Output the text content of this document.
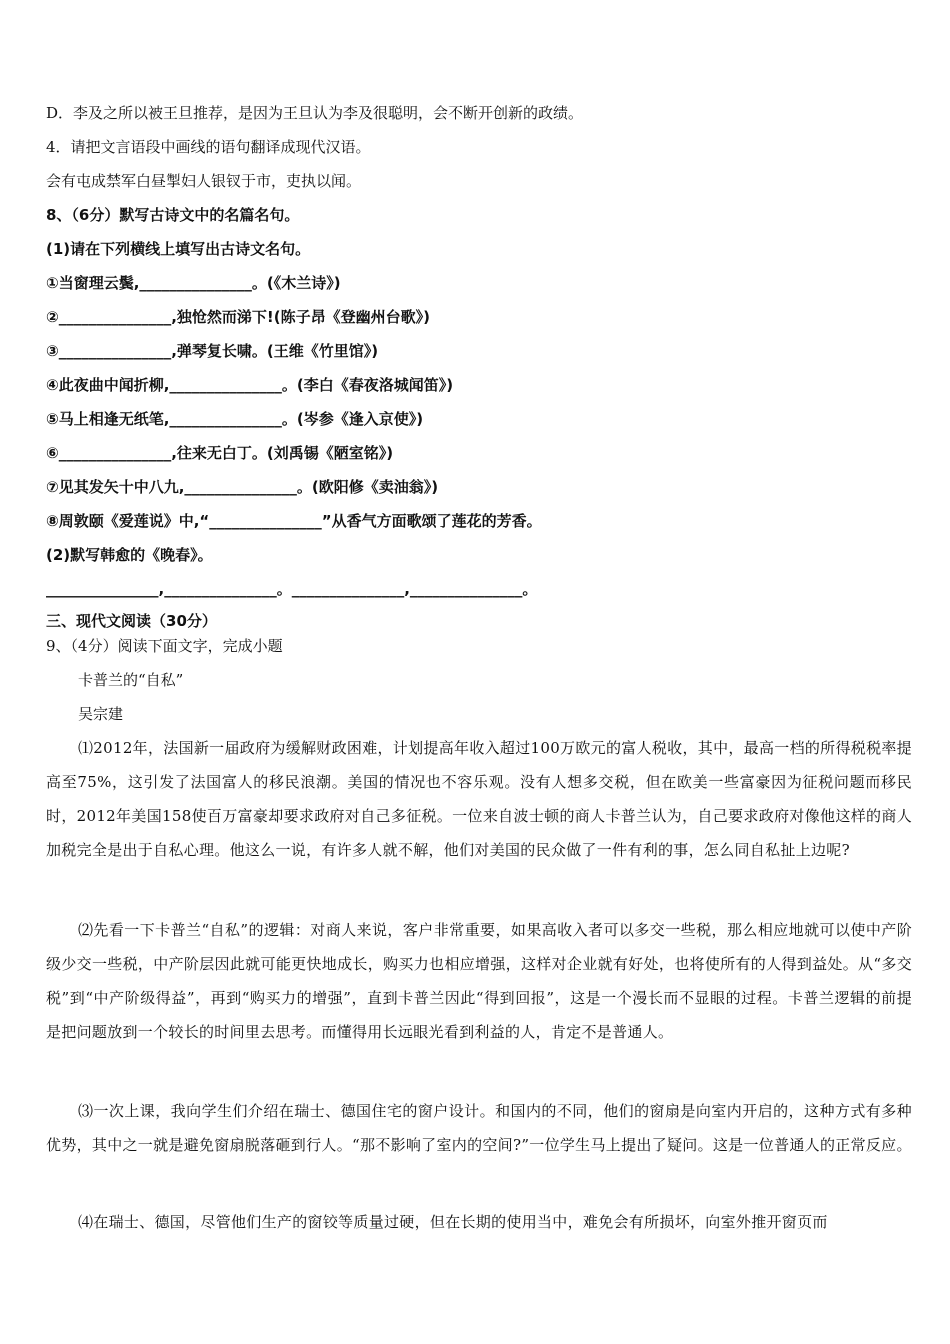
D．李及之所以被王旦推荐，是因为王旦认为李及很聪明，会不断开创新的政绩。
4．请把文言语段中画线的语句翻译成现代汉语。
会有屯成禁军白昼掣妇人银钗于市，吏执以闻。
8、（6分）默写古诗文中的名篇名句。
(1)请在下列横线上填写出古诗文名句。
①当窗理云鬓,_______________。(《木兰诗》)
②_______________,独怆然而涕下!(陈子昂《登幽州台歌》)
③_______________,弹琴复长啸。(王维《竹里馆》)
④此夜曲中闻折柳,_______________。(李白《春夜洛城闻笛》)
⑤马上相逢无纸笔,_______________。(岑参《逢入京使》)
⑥_______________,往来无白丁。(刘禹锡《陋室铭》)
⑦见其发矢十中八九,_______________。(欧阳修《卖油翁》)
⑧周敦颐《爱莲说》中,“_______________”从香气方面歌颂了莲花的芳香。
(2)默写韩愈的《晚春》。
_______________,_______________。_______________,_______________。
三、现代文阅读（30分）
9、（4分）阅读下面文字，完成小题
卡普兰的“自私”
吴宗建
⑴2012年，法国新一届政府为缓解财政困难，计划提高年收入超过100万欧元的富人税收，其中，最高一档的所得税税率提高至75%，这引发了法国富人的移民浪潮。美国的情况也不容乐观。没有人想多交税，但在欧美一些富豪因为征税问题而移民时，2012年美国158使百万富豪却要求政府对自己多征税。一位来自波士顿的商人卡普兰认为，自己要求政府对像他这样的商人加税完全是出于自私心理。他这么一说，有许多人就不解，他们对美国的民众做了一件有利的事，怎么同自私扯上边呢?
⑵先看一下卡普兰“自私”的逻辑：对商人来说，客户非常重要，如果高收入者可以多交一些税，那么相应地就可以使中产阶级少交一些税，中产阶层因此就可能更快地成长，购买力也相应增强，这样对企业就有好处，也将使所有的人得到益处。从“多交税”到“中产阶级得益”，再到“购买力的增强”，直到卡普兰因此“得到回报”，这是一个漫长而不显眼的过程。卡普兰逻辑的前提是把问题放到一个较长的时间里去思考。而懂得用长远眼光看到利益的人，肯定不是普通人。
⑶一次上课，我向学生们介绍在瑞士、德国住宅的窗户设计。和国内的不同，他们的窗扇是向室内开启的，这种方式有多种优势，其中之一就是避免窗扇脱落砸到行人。“那不影响了室内的空间?”一位学生马上提出了疑问。这是一位普通人的正常反应。
⑷在瑞士、德国，尽管他们生产的窗铰等质量过硬，但在长期的使用当中，难免会有所损坏，向室外推开窗页而
